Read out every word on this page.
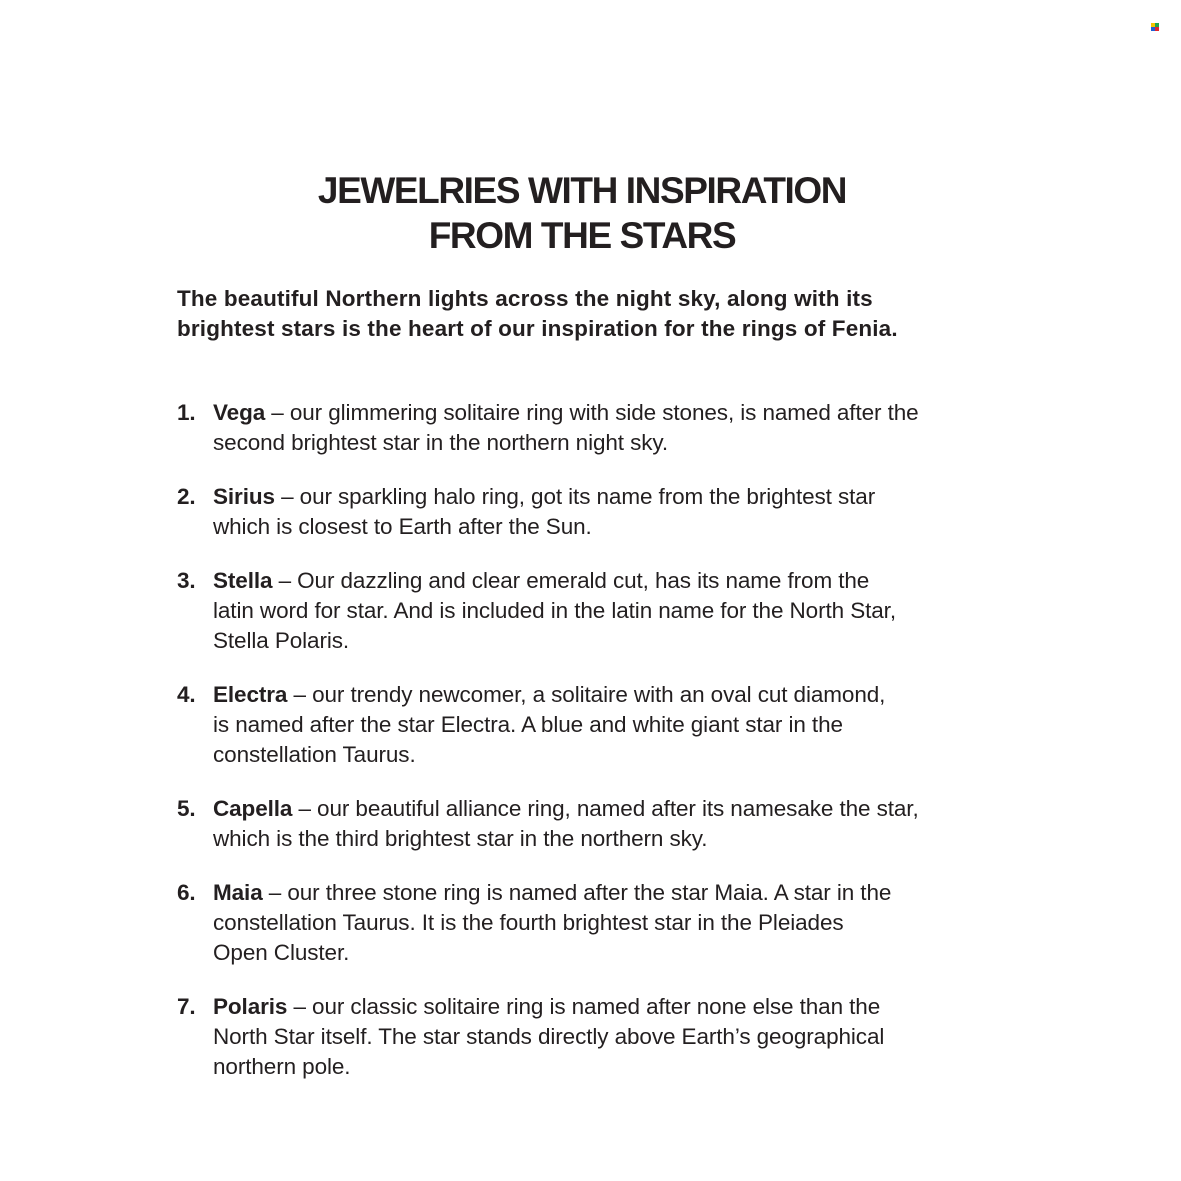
JEWELRIES WITH INSPIRATION
FROM THE STARS

The beautiful Northern lights across the night sky, along with its
brightest stars is the heart of our inspiration for the rings of Fenia.

1. Vega – our glimmering solitaire ring with side stones, is named after the
second brightest star in the northern night sky.
2. Sirius – our sparkling halo ring, got its name from the brightest star
which is closest to Earth after the Sun.
3. Stella – Our dazzling and clear emerald cut, has its name from the
latin word for star. And is included in the latin name for the North Star,
Stella Polaris.
4. Electra – our trendy newcomer, a solitaire with an oval cut diamond,
is named after the star Electra. A blue and white giant star in the
constellation Taurus.
5. Capella – our beautiful alliance ring, named after its namesake the star,
which is the third brightest star in the northern sky.
6. Maia – our three stone ring is named after the star Maia. A star in the
constellation Taurus. It is the fourth brightest star in the Pleiades
Open Cluster.
7. Polaris – our classic solitaire ring is named after none else than the
North Star itself. The star stands directly above Earth’s geographical
northern pole.
